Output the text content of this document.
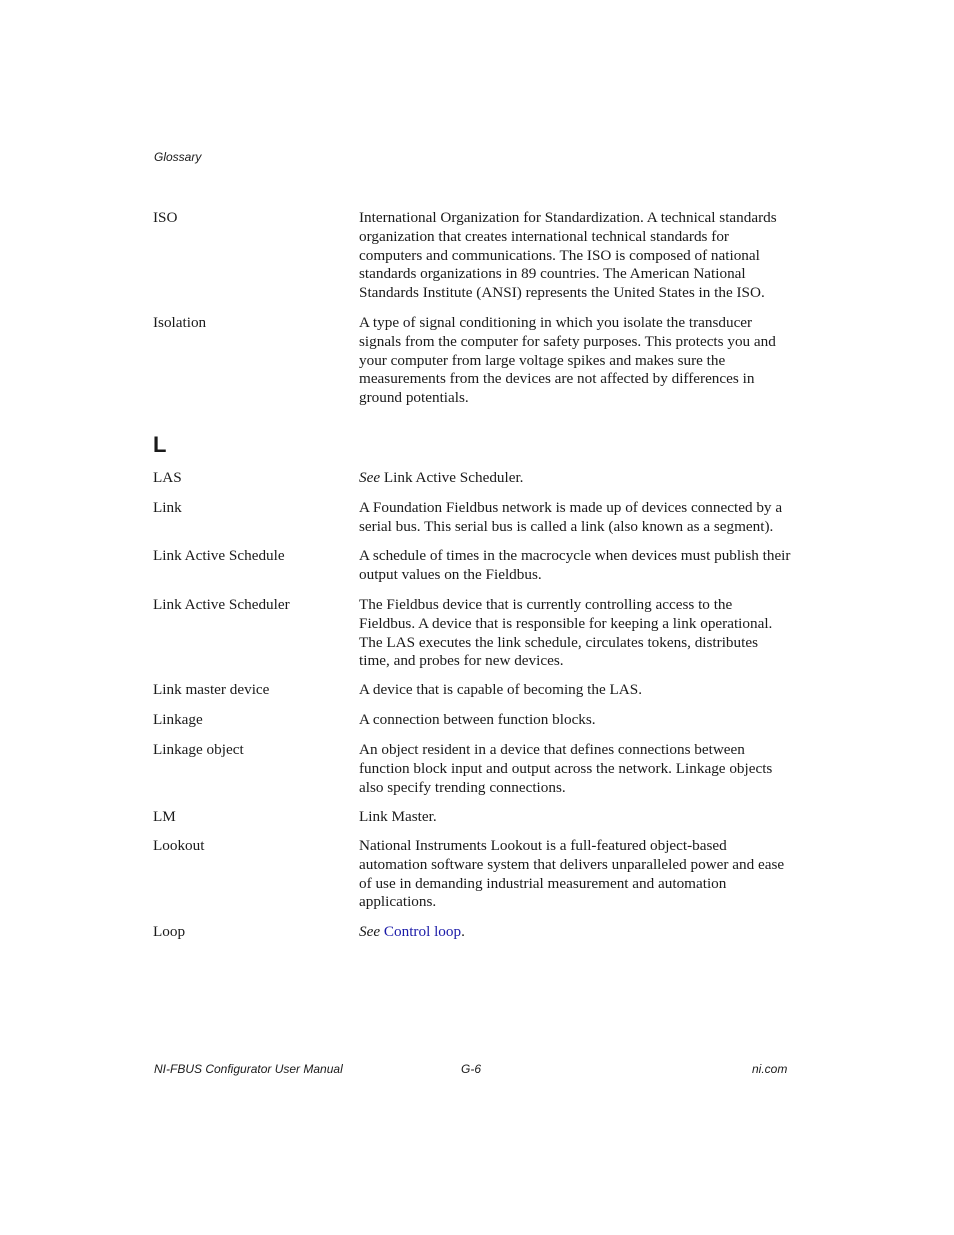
Glossary
ISO	International Organization for Standardization. A technical standards organization that creates international technical standards for computers and communications. The ISO is composed of national standards organizations in 89 countries. The American National Standards Institute (ANSI) represents the United States in the ISO.

Isolation	A type of signal conditioning in which you isolate the transducer signals from the computer for safety purposes. This protects you and your computer from large voltage spikes and makes sure the measurements from the devices are not affected by differences in ground potentials.

LAS	See Link Active Scheduler.

Link	A Foundation Fieldbus network is made up of devices connected by a serial bus. This serial bus is called a link (also known as a segment).

Link Active Schedule	A schedule of times in the macrocycle when devices must publish their output values on the Fieldbus.

Link Active Scheduler	The Fieldbus device that is currently controlling access to the Fieldbus. A device that is responsible for keeping a link operational. The LAS executes the link schedule, circulates tokens, distributes time, and probes for new devices.

Link master device	A device that is capable of becoming the LAS.

Linkage	A connection between function blocks.

Linkage object	An object resident in a device that defines connections between function block input and output across the network. Linkage objects also specify trending connections.

LM	Link Master.

Lookout	National Instruments Lookout is a full-featured object-based automation software system that delivers unparalleled power and ease of use in demanding industrial measurement and automation applications.

Loop	See Control loop.

L
NI-FBUS Configurator User Manual	G-6	ni.com
